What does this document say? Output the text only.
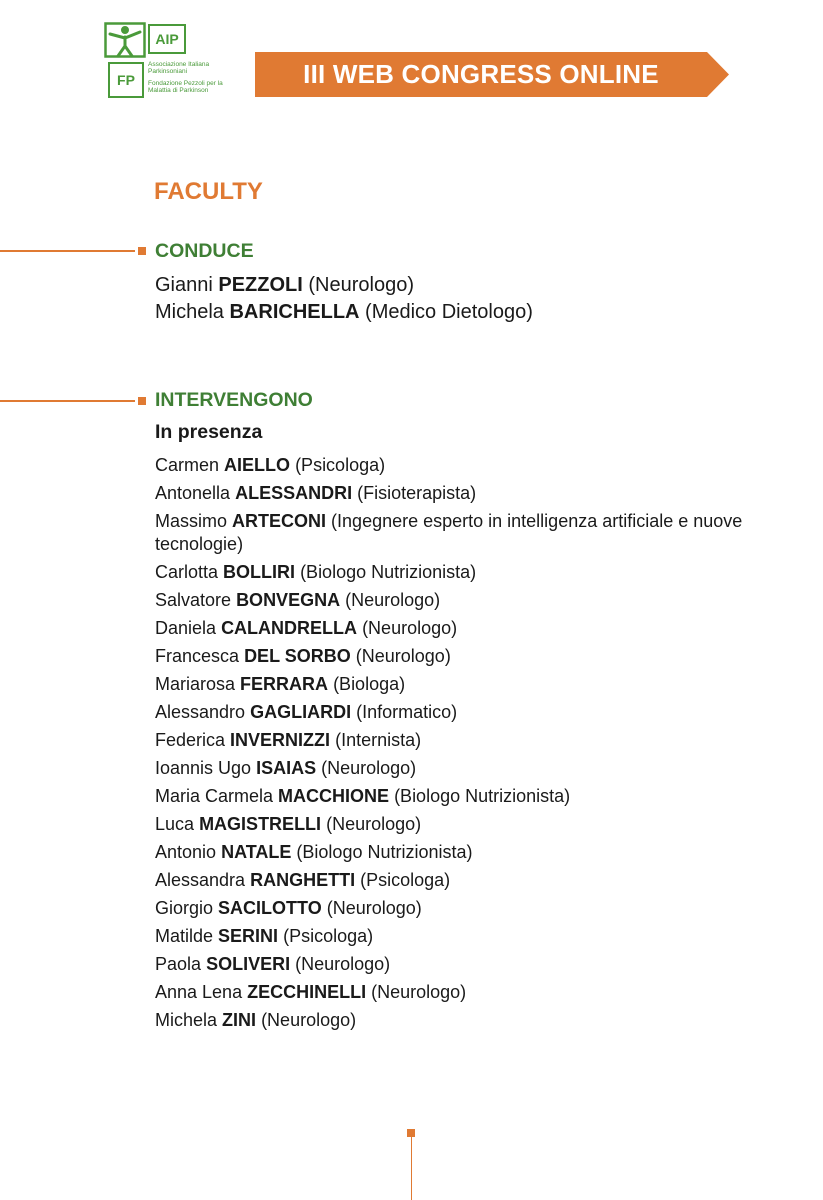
AIP
FP
Associazione Italiana Parkinsoniani
Fondazione Pezzoli per la Malattia di Parkinson
III WEB CONGRESS ONLINE
FACULTY
CONDUCE
Gianni PEZZOLI (Neurologo)
Michela BARICHELLA (Medico Dietologo)
INTERVENGONO
In presenza
Carmen AIELLO (Psicologa)
Antonella ALESSANDRI (Fisioterapista)
Massimo ARTECONI (Ingegnere esperto in intelligenza artificiale e nuove tecnologie)
Carlotta BOLLIRI (Biologo Nutrizionista)
Salvatore BONVEGNA (Neurologo)
Daniela CALANDRELLA (Neurologo)
Francesca DEL SORBO (Neurologo)
Mariarosa FERRARA (Biologa)
Alessandro GAGLIARDI (Informatico)
Federica INVERNIZZI (Internista)
Ioannis Ugo ISAIAS (Neurologo)
Maria Carmela MACCHIONE (Biologo Nutrizionista)
Luca MAGISTRELLI (Neurologo)
Antonio NATALE (Biologo Nutrizionista)
Alessandra RANGHETTI (Psicologa)
Giorgio SACILOTTO (Neurologo)
Matilde SERINI (Psicologa)
Paola SOLIVERI (Neurologo)
Anna Lena ZECCHINELLI (Neurologo)
Michela ZINI (Neurologo)
